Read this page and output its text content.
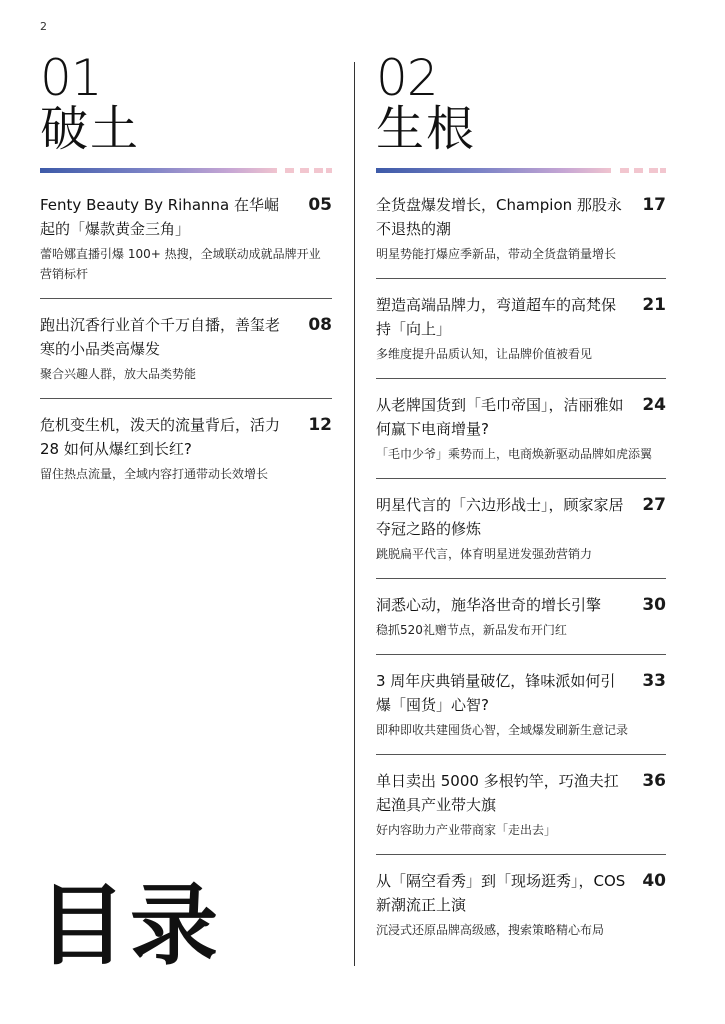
2
01
破土
Fenty Beauty By Rihanna 在华崛起的「爆款黄金三角」
05
蕾哈娜直播引爆 100+ 热搜，全域联动成就品牌开业营销标杆
跑出沉香行业首个千万自播，善玺老寒的小品类高爆发
08
聚合兴趣人群，放大品类势能
危机变生机，泼天的流量背后，活力 28 如何从爆红到长红?
12
留住热点流量，全域内容打通带动长效增长
02
生根
全货盘爆发增长，Champion 那股永不退热的潮
17
明星势能打爆应季新品，带动全货盘销量增长
塑造高端品牌力，弯道超车的高梵保持「向上」
21
多维度提升品质认知，让品牌价值被看见
从老牌国货到「毛巾帝国」，洁丽雅如何赢下电商增量?
24
「毛巾少爷」乘势而上，电商焕新驱动品牌如虎添翼
明星代言的「六边形战士」，顾家家居夺冠之路的修炼
27
跳脱扁平代言，体育明星迸发强劲营销力
洞悉心动，施华洛世奇的增长引擎	30
稳抓520礼赠节点，新品发布开门红
3 周年庆典销量破亿，锋味派如何引爆「囤货」心智?
33
即种即收共建囤货心智，全域爆发刷新生意记录
单日卖出 5000 多根钓竿，巧渔夫扛起渔具产业带大旗
36
好内容助力产业带商家「走出去」
从「隔空看秀」到「现场逛秀」，COS 新潮流正上演
40
沉浸式还原品牌高级感，搜索策略精心布局
目录
